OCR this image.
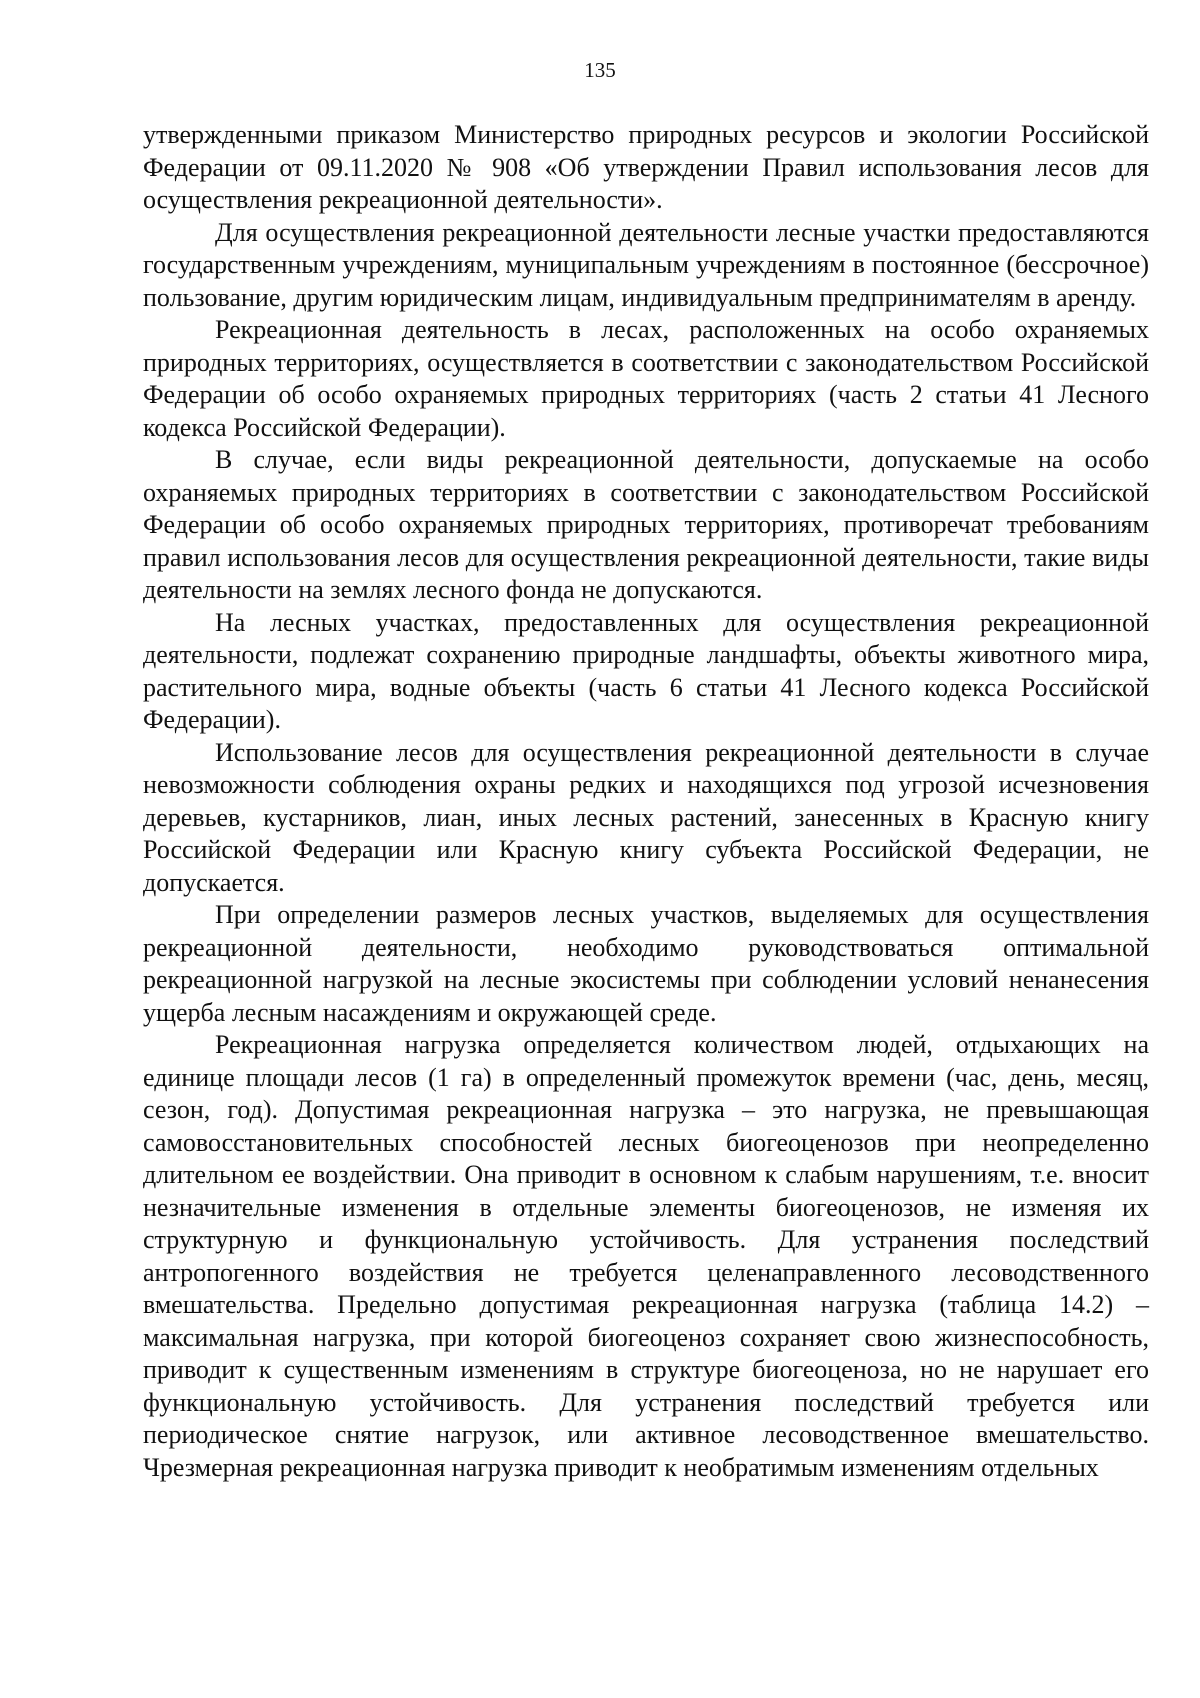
135

утвержденными приказом Министерство природных ресурсов и экологии Российской Федерации от 09.11.2020 № 908 «Об утверждении Правил использования лесов для осуществления рекреационной деятельности».

Для осуществления рекреационной деятельности лесные участки предоставляются государственным учреждениям, муниципальным учреждениям в постоянное (бессрочное) пользование, другим юридическим лицам, индивидуальным предпринимателям в аренду.

Рекреационная деятельность в лесах, расположенных на особо охраняемых природных территориях, осуществляется в соответствии с законодательством Российской Федерации об особо охраняемых природных территориях (часть 2 статьи 41 Лесного кодекса Российской Федерации).

В случае, если виды рекреационной деятельности, допускаемые на особо охраняемых природных территориях в соответствии с законодательством Российской Федерации об особо охраняемых природных территориях, противоречат требованиям правил использования лесов для осуществления рекреационной деятельности, такие виды деятельности на землях лесного фонда не допускаются.

На лесных участках, предоставленных для осуществления рекреационной деятельности, подлежат сохранению природные ландшафты, объекты животного мира, растительного мира, водные объекты (часть 6 статьи 41 Лесного кодекса Российской Федерации).

Использование лесов для осуществления рекреационной деятельности в случае невозможности соблюдения охраны редких и находящихся под угрозой исчезновения деревьев, кустарников, лиан, иных лесных растений, занесенных в Красную книгу Российской Федерации или Красную книгу субъекта Российской Федерации, не допускается.

При определении размеров лесных участков, выделяемых для осуществления рекреационной деятельности, необходимо руководствоваться оптимальной рекреационной нагрузкой на лесные экосистемы при соблюдении условий ненанесения ущерба лесным насаждениям и окружающей среде.

Рекреационная нагрузка определяется количеством людей, отдыхающих на единице площади лесов (1 га) в определенный промежуток времени (час, день, месяц, сезон, год). Допустимая рекреационная нагрузка – это нагрузка, не превышающая самовосстановительных способностей лесных биогеоценозов при неопределенно длительном ее воздействии. Она приводит в основном к слабым нарушениям, т.е. вносит незначительные изменения в отдельные элементы биогеоценозов, не изменяя их структурную и функциональную устойчивость. Для устранения последствий антропогенного воздействия не требуется целенаправленного лесоводственного вмешательства. Предельно допустимая рекреационная нагрузка (таблица 14.2) – максимальная нагрузка, при которой биогеоценоз сохраняет свою жизнеспособность, приводит к существенным изменениям в структуре биогеоценоза, но не нарушает его функциональную устойчивость. Для устранения последствий требуется или периодическое снятие нагрузок, или активное лесоводственное вмешательство. Чрезмерная рекреационная нагрузка приводит к необратимым изменениям отдельных
